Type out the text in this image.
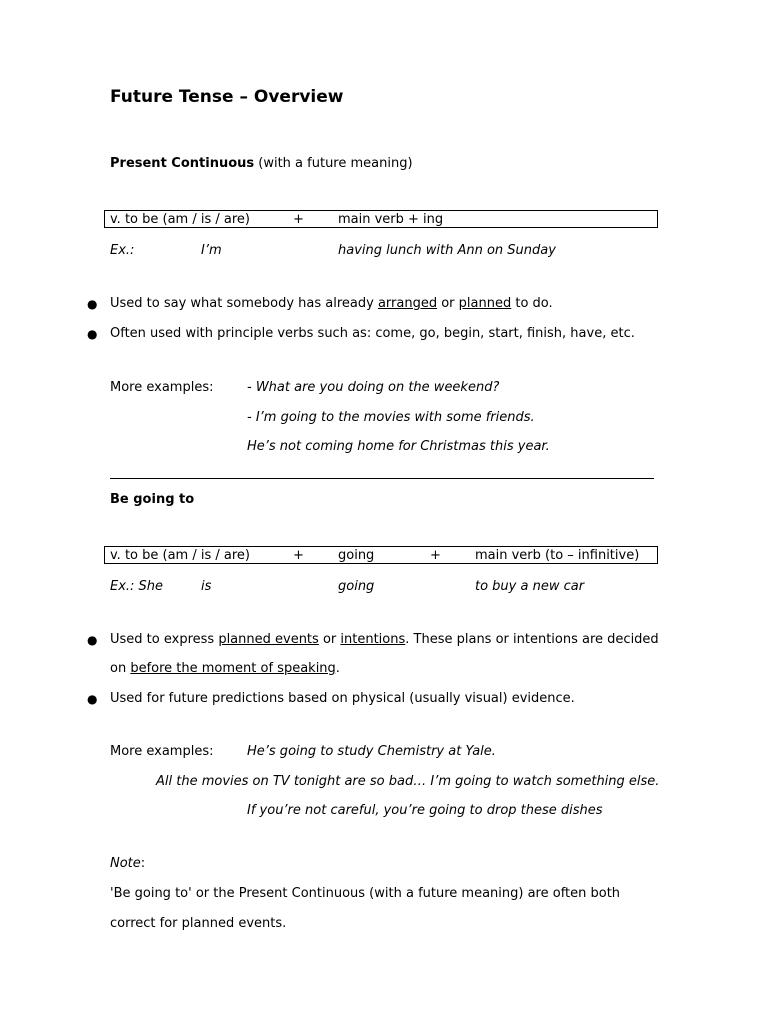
Future Tense – Overview
Present Continuous (with a future meaning)
v. to be (am / is / are)	+	main verb + ing
Ex.:	I’m	having lunch with Ann on Sunday
● Used to say what somebody has already arranged or planned to do.
● Often used with principle verbs such as: come, go, begin, start, finish, have, etc.
More examples:	- What are you doing on the weekend?
- I’m going to the movies with some friends.
He’s not coming home for Christmas this year.
Be going to
v. to be (am / is / are)	+	going	+	main verb (to – infinitive)
Ex.: She	is	going	to buy a new car
● Used to express planned events or intentions. These plans or intentions are decided
on before the moment of speaking.
● Used for future predictions based on physical (usually visual) evidence.
More examples:	He’s going to study Chemistry at Yale.
All the movies on TV tonight are so bad… I’m going to watch something else.
If you’re not careful, you’re going to drop these dishes
Note:
'Be going to' or the Present Continuous (with a future meaning) are often both
correct for planned events.
